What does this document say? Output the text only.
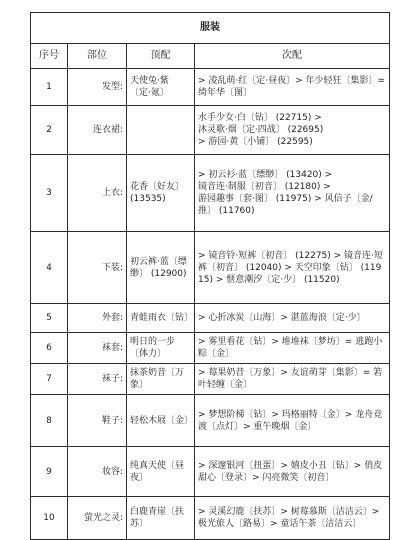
服装			
序号	部位	顶配	次配
1	发型:	天使兔·紫
〔定·氪〕	> 凌乱萌·红〔定·昼夜〕> 年少轻狂〔集影〕= 绮年华〔图〕
2	连衣裙:		水手少女·白〔钻〕 (22715) >
沐灵歌·烟〔定·四战〕 (22695)
> 游园·黄〔小铺〕 (22595)
3	上衣:	花香〔好友〕 (13535)	> 初云衫·蓝〔缥缈〕 (13420) >
镜音连·制服〔初音〕 (12180) >
游园趣事〔套·图〕 (11975) > 风信子〔金/推〕 (11760)
4	下装:	初云裤·蓝〔缥缈〕 (12900)	> 镜音铃·短裤〔初音〕 (12275) > 镜音连·短裤〔初音〕 (12040) > 天空印象〔钻〕 (11915) > 惬意潮汐〔定·少〕 (11520)
5	外套:	青蛙雨衣〔钻〕	> 心折冰炭〔山海〕> 湛蓝海浪〔定·少〕
6	袜套:	明日的一步〔体力〕	> 雾里看花〔钻〕> 堆堆袜〔梦坊〕= 逃跑小粽〔金〕
7	袜子:	抹茶奶昔〔万象〕	> 莓果奶昔〔万象〕> 友谊萌芽〔集影〕= 箬叶轻缠〔金〕
8	鞋子:	轻松木屐〔金〕	> 梦想阶梯〔钻〕> 玛格丽特〔金〕> 龙舟竞渡〔点灯〕> 重午晚烟〔金〕
9	妆容:	纯真天使〔昼夜〕	> 深邃银河〔扭蛋〕> 嬉皮小丑〔钻〕> 俏皮甜心〔登录〕> 闪亮微笑〔初音〕
10	萤光之灵:	白鹿青崖〔扶苏〕	> 灵溪幻鹿〔扶苏〕> 树莓慕斯〔洁洁云〕> 极光旅人〔路易〕> 童话午茶〔洁洁云〕
